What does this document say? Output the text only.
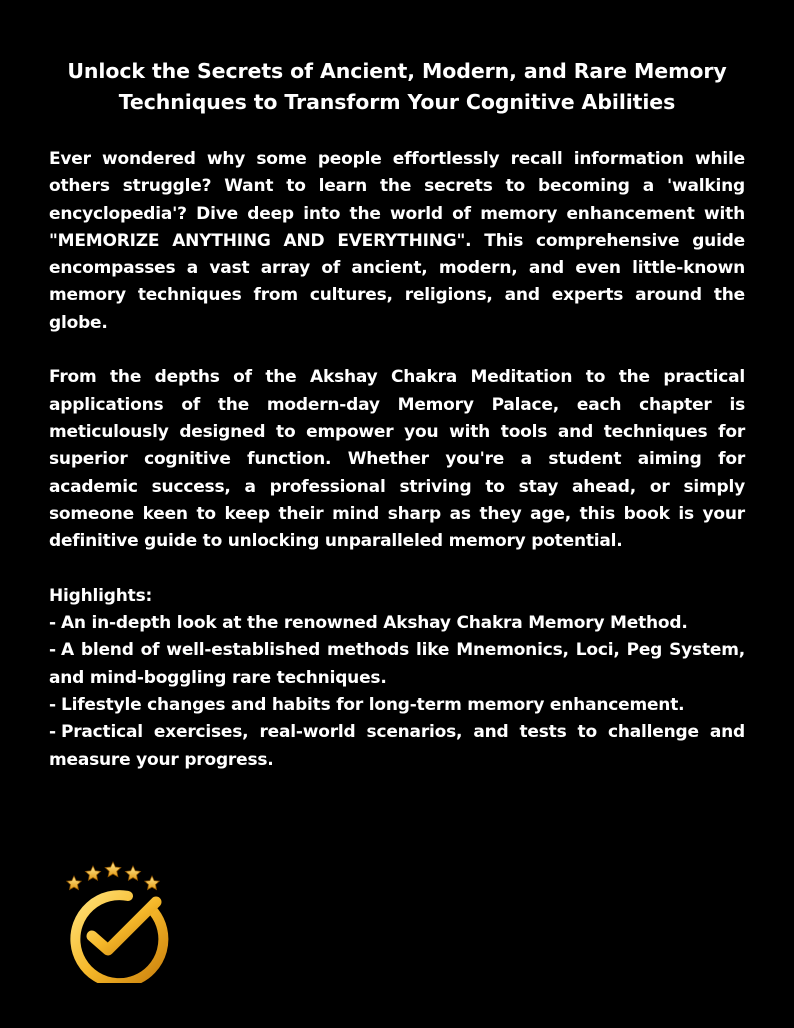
Unlock the Secrets of Ancient, Modern, and Rare Memory
Techniques to Transform Your Cognitive Abilities

Ever wondered why some people effortlessly recall information while others struggle? Want to learn the secrets to becoming a 'walking encyclopedia'? Dive deep into the world of memory enhancement with "MEMORIZE ANYTHING AND EVERYTHING". This comprehensive guide encompasses a vast array of ancient, modern, and even little-known memory techniques from cultures, religions, and experts around the globe.

From the depths of the Akshay Chakra Meditation to the practical applications of the modern-day Memory Palace, each chapter is meticulously designed to empower you with tools and techniques for superior cognitive function. Whether you're a student aiming for academic success, a professional striving to stay ahead, or simply someone keen to keep their mind sharp as they age, this book is your definitive guide to unlocking unparalleled memory potential.

Highlights:

- An in-depth look at the renowned Akshay Chakra Memory Method.
- A blend of well-established methods like Mnemonics, Loci, Peg System, and mind-boggling rare techniques.
- Lifestyle changes and habits for long-term memory enhancement.
- Practical exercises, real-world scenarios, and tests to challenge and measure your progress.
